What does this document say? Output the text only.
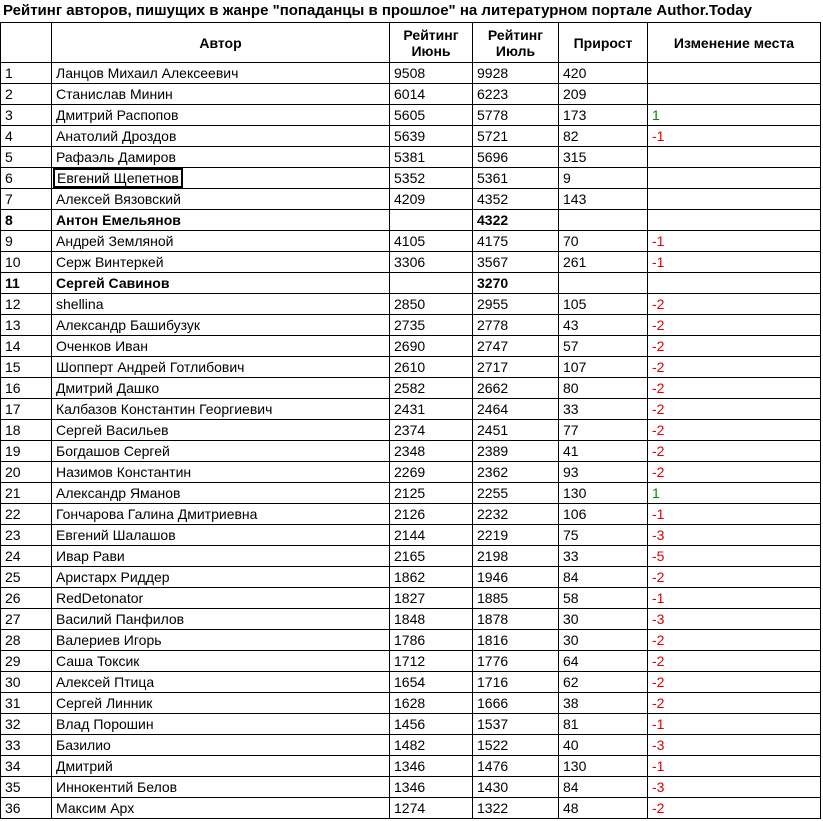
Рейтинг авторов, пишущих в жанре "попаданцы в прошлое" на литературном портале Author.Today
	Автор	Рейтинг Июнь	Рейтинг Июль	Прирост	Изменение места
1	Ланцов Михаил Алексеевич	9508	9928	420	
2	Станислав Минин	6014	6223	209	
3	Дмитрий Распопов	5605	5778	173	1
4	Анатолий Дроздов	5639	5721	82	-1
5	Рафаэль Дамиров	5381	5696	315	
6	Евгений Щепетнов	5352	5361	9	
7	Алексей Вязовский	4209	4352	143	
8	Антон Емельянов		4322		
9	Андрей Земляной	4105	4175	70	-1
10	Серж Винтеркей	3306	3567	261	-1
11	Сергей Савинов		3270		
12	shellina	2850	2955	105	-2
13	Александр Башибузук	2735	2778	43	-2
14	Оченков Иван	2690	2747	57	-2
15	Шопперт Андрей Готлибович	2610	2717	107	-2
16	Дмитрий Дашко	2582	2662	80	-2
17	Калбазов Константин Георгиевич	2431	2464	33	-2
18	Сергей Васильев	2374	2451	77	-2
19	Богдашов Сергей	2348	2389	41	-2
20	Назимов Константин	2269	2362	93	-2
21	Александр Яманов	2125	2255	130	1
22	Гончарова Галина Дмитриевна	2126	2232	106	-1
23	Евгений Шалашов	2144	2219	75	-3
24	Ивар Рави	2165	2198	33	-5
25	Аристарх Риддер	1862	1946	84	-2
26	RedDetonator	1827	1885	58	-1
27	Василий Панфилов	1848	1878	30	-3
28	Валериев Игорь	1786	1816	30	-2
29	Саша Токсик	1712	1776	64	-2
30	Алексей Птица	1654	1716	62	-2
31	Сергей Линник	1628	1666	38	-2
32	Влад Порошин	1456	1537	81	-1
33	Базилио	1482	1522	40	-3
34	Дмитрий	1346	1476	130	-1
35	Иннокентий Белов	1346	1430	84	-3
36	Максим Арх	1274	1322	48	-2
